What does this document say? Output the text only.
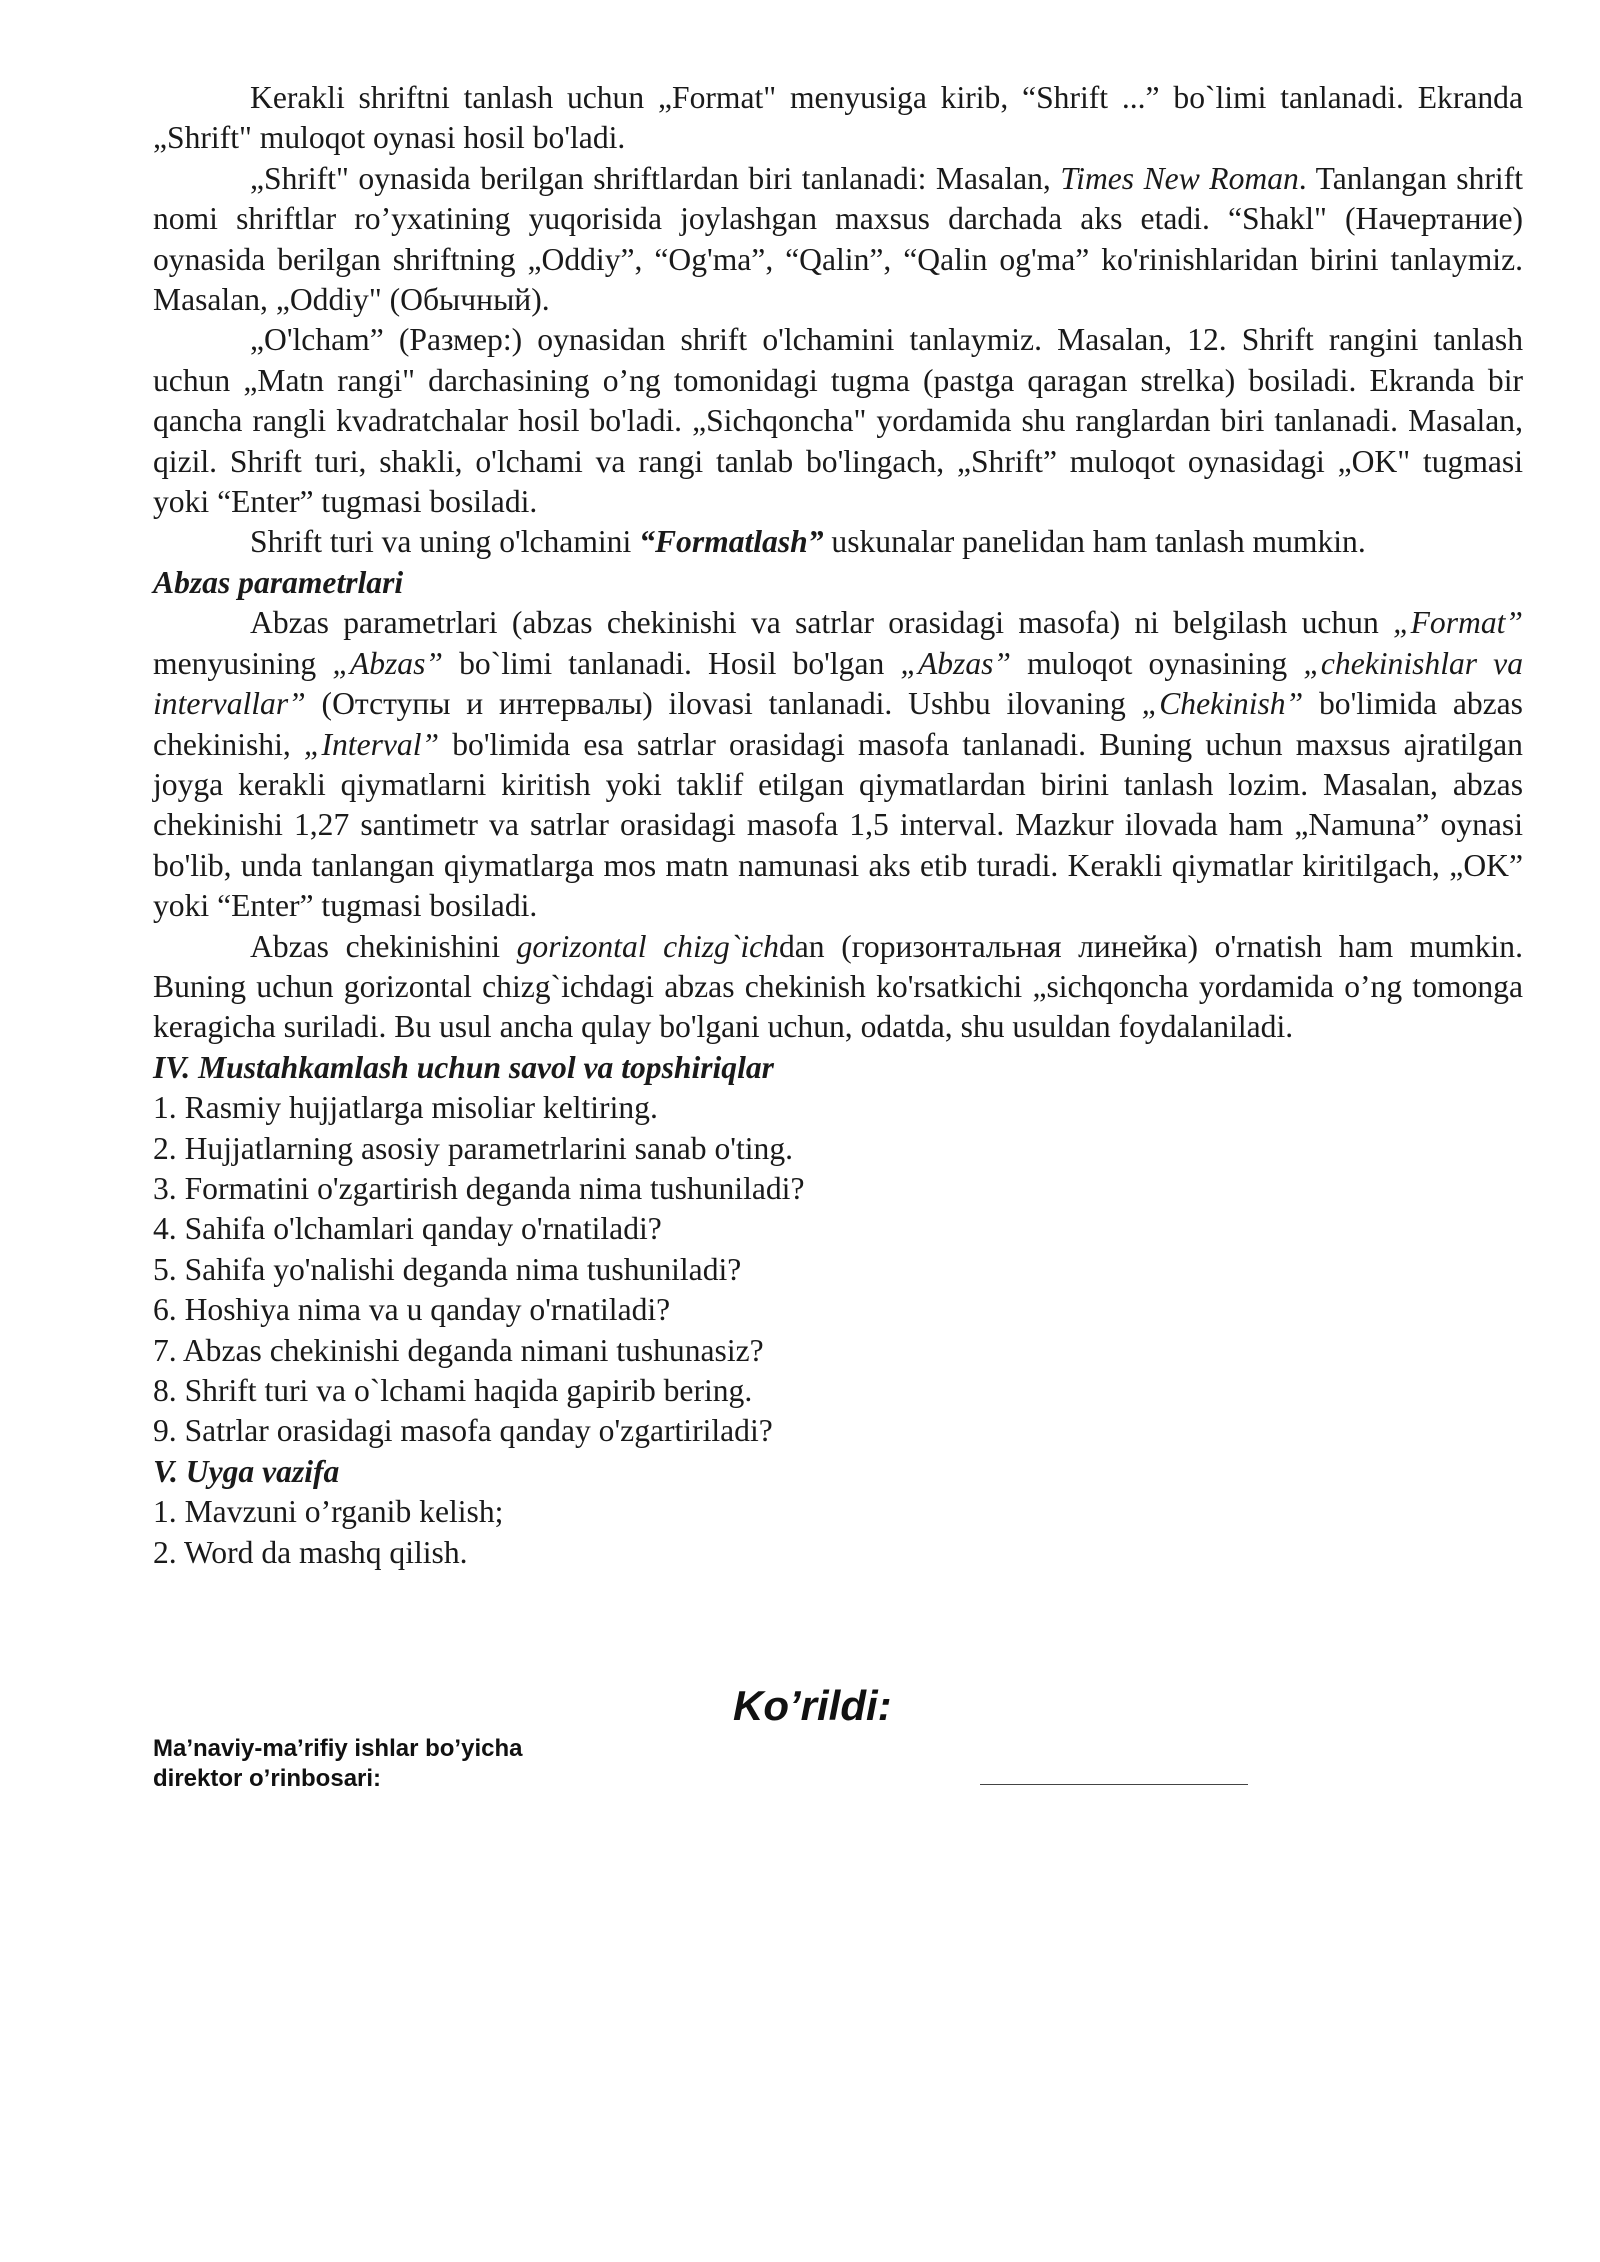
Kerakli shriftni tanlash uchun „Format" menyusiga kirib, “Shrift ...” bo`limi tanlanadi. Ekranda „Shrift" muloqot oynasi hosil bo'ladi.

„Shrift" oynasida berilgan shriftlardan biri tanlanadi: Masalan, Times New Roman. Tanlangan shrift nomi shriftlar ro’yxatining yuqorisida joylashgan maxsus darchada aks etadi. “Shakl" (Начертание) oynasida berilgan shriftning „Oddiy”, “Og'ma”, “Qalin”, “Qalin og'ma” ko'rinishlaridan birini tanlaymiz. Masalan, „Oddiy" (Обычный).

„O'lcham” (Размер:) oynasidan shrift o'lchamini tanlaymiz. Masalan, 12. Shrift rangini tanlash uchun „Matn rangi" darchasining o’ng tomonidagi tugma (pastga qaragan strelka) bosiladi. Ekranda bir qancha rangli kvadratchalar hosil bo'ladi. „Sichqoncha" yordamida shu ranglardan biri tanlanadi. Masalan, qizil. Shrift turi, shakli, o'lchami va rangi tanlab bo'lingach, „Shrift” muloqot oynasidagi „OK" tugmasi yoki “Enter” tugmasi bosiladi.

Shrift turi va uning o'lchamini “Formatlash” uskunalar panelidan ham tanlash mumkin.

Abzas parametrlari

Abzas parametrlari (abzas chekinishi va satrlar orasidagi masofa) ni belgilash uchun „Format” menyusining „Abzas” bo`limi tanlanadi. Hosil bo'lgan „Abzas” muloqot oynasining „chekinishlar va intervallar” (Отступы и интервалы) ilovasi tanlanadi. Ushbu ilovaning „Chekinish” bo'limida abzas chekinishi, „Interval” bo'limida esa satrlar orasidagi masofa tanlanadi. Buning uchun maxsus ajratilgan joyga kerakli qiymatlarni kiritish yoki taklif etilgan qiymatlardan birini tanlash lozim. Masalan, abzas chekinishi 1,27 santimetr va satrlar orasidagi masofa 1,5 interval. Mazkur ilovada ham „Namuna” oynasi bo'lib, unda tanlangan qiymatlarga mos matn namunasi aks etib turadi. Kerakli qiymatlar kiritilgach, „OK” yoki “Enter” tugmasi bosiladi.

Abzas chekinishini gorizontal chizg`ichdan (горизонтальная линейка) o'rnatish ham mumkin. Buning uchun gorizontal chizg`ichdagi abzas chekinish ko'rsatkichi „sichqoncha yordamida o’ng tomonga keragicha suriladi. Bu usul ancha qulay bo'lgani uchun, odatda, shu usuldan foydalaniladi.

IV. Mustahkamlash uchun savol va topshiriqlar

1. Rasmiy hujjatlarga misoliar keltiring.
2. Hujjatlarning asosiy parametrlarini sanab o'ting.
3. Formatini o'zgartirish deganda nima tushuniladi?
4. Sahifa o'lchamlari qanday o'rnatiladi?
5. Sahifa yo'nalishi deganda nima tushuniladi?
6. Hoshiya nima va u qanday o'rnatiladi?
7. Abzas chekinishi deganda nimani tushunasiz?
8. Shrift turi va o`lchami haqida gapirib bering.
9. Satrlar orasidagi masofa qanday o'zgartiriladi?

V. Uyga vazifa

1. Mavzuni o’rganib kelish;
2. Word da mashq qilish.
Ko’rildi:
Ma’naviy-ma’rifiy ishlar bo’yicha
direktor o’rinbosari:
